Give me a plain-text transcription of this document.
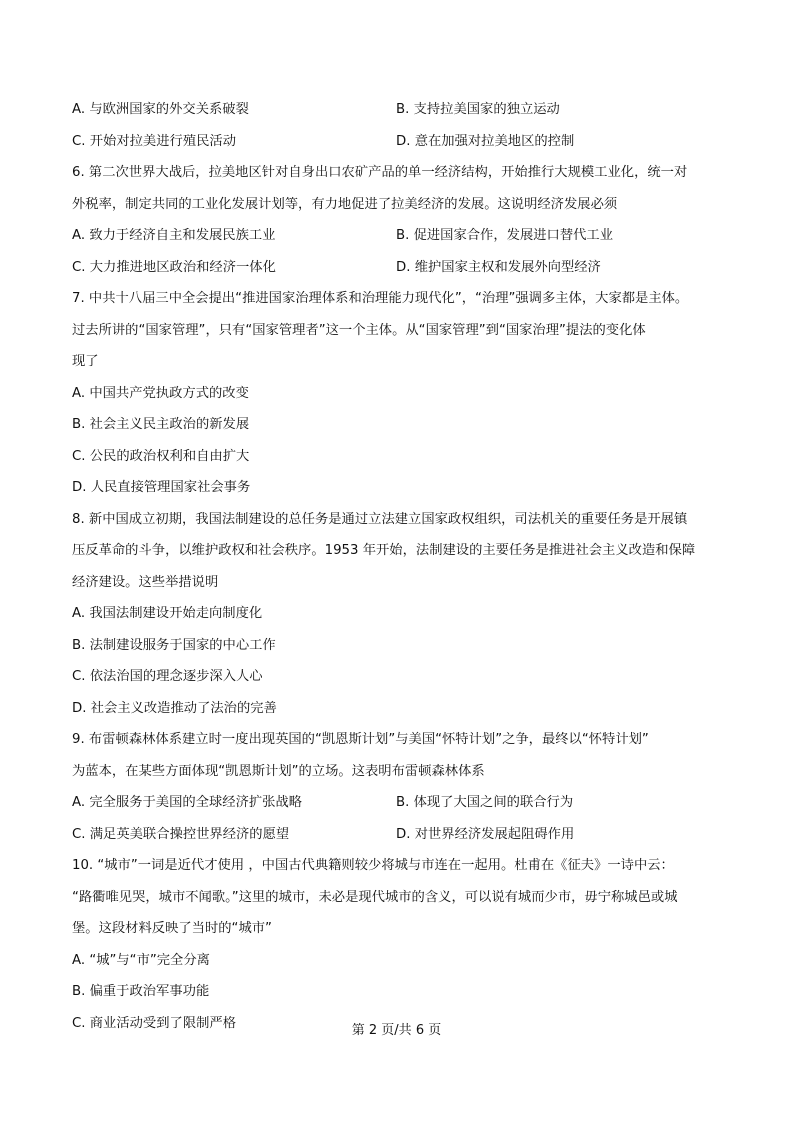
A. 与欧洲国家的外交关系破裂	B. 支持拉美国家的独立运动
C. 开始对拉美进行殖民活动	D. 意在加强对拉美地区的控制
6. 第二次世界大战后，拉美地区针对自身出口农矿产品的单一经济结构，开始推行大规模工业化，统一对
外税率，制定共同的工业化发展计划等，有力地促进了拉美经济的发展。这说明经济发展必须
A. 致力于经济自主和发展民族工业	B. 促进国家合作，发展进口替代工业
C. 大力推进地区政治和经济一体化	D. 维护国家主权和发展外向型经济
7. 中共十八届三中全会提出“推进国家治理体系和治理能力现代化”，“治理”强调多主体，大家都是主体。
过去所讲的“国家管理”，只有“国家管理者”这一个主体。从“国家管理”到“国家治理”提法的变化体
现了
A. 中国共产党执政方式的改变
B. 社会主义民主政治的新发展
C. 公民的政治权利和自由扩大
D. 人民直接管理国家社会事务
8. 新中国成立初期，我国法制建设的总任务是通过立法建立国家政权组织，司法机关的重要任务是开展镇
压反革命的斗争，以维护政权和社会秩序。1953 年开始，法制建设的主要任务是推进社会主义改造和保障
经济建设。这些举措说明
A. 我国法制建设开始走向制度化
B. 法制建设服务于国家的中心工作
C. 依法治国的理念逐步深入人心
D. 社会主义改造推动了法治的完善
9. 布雷顿森林体系建立时一度出现英国的“凯恩斯计划”与美国“怀特计划”之争，最终以“怀特计划”
为蓝本，在某些方面体现“凯恩斯计划”的立场。这表明布雷顿森林体系
A. 完全服务于美国的全球经济扩张战略	B. 体现了大国之间的联合行为
C. 满足英美联合操控世界经济的愿望	D. 对世界经济发展起阻碍作用
10. “城市”一词是近代才使用 ，中国古代典籍则较少将城与市连在一起用。杜甫在《征夫》一诗中云：
“路衢唯见哭，城市不闻歌。”这里的城市，未必是现代城市的含义，可以说有城而少市，毋宁称城邑或城
堡。这段材料反映了当时的“城市”
A. “城”与“市”完全分离
B. 偏重于政治军事功能
C. 商业活动受到了限制严格	第 2 页/共 6 页
